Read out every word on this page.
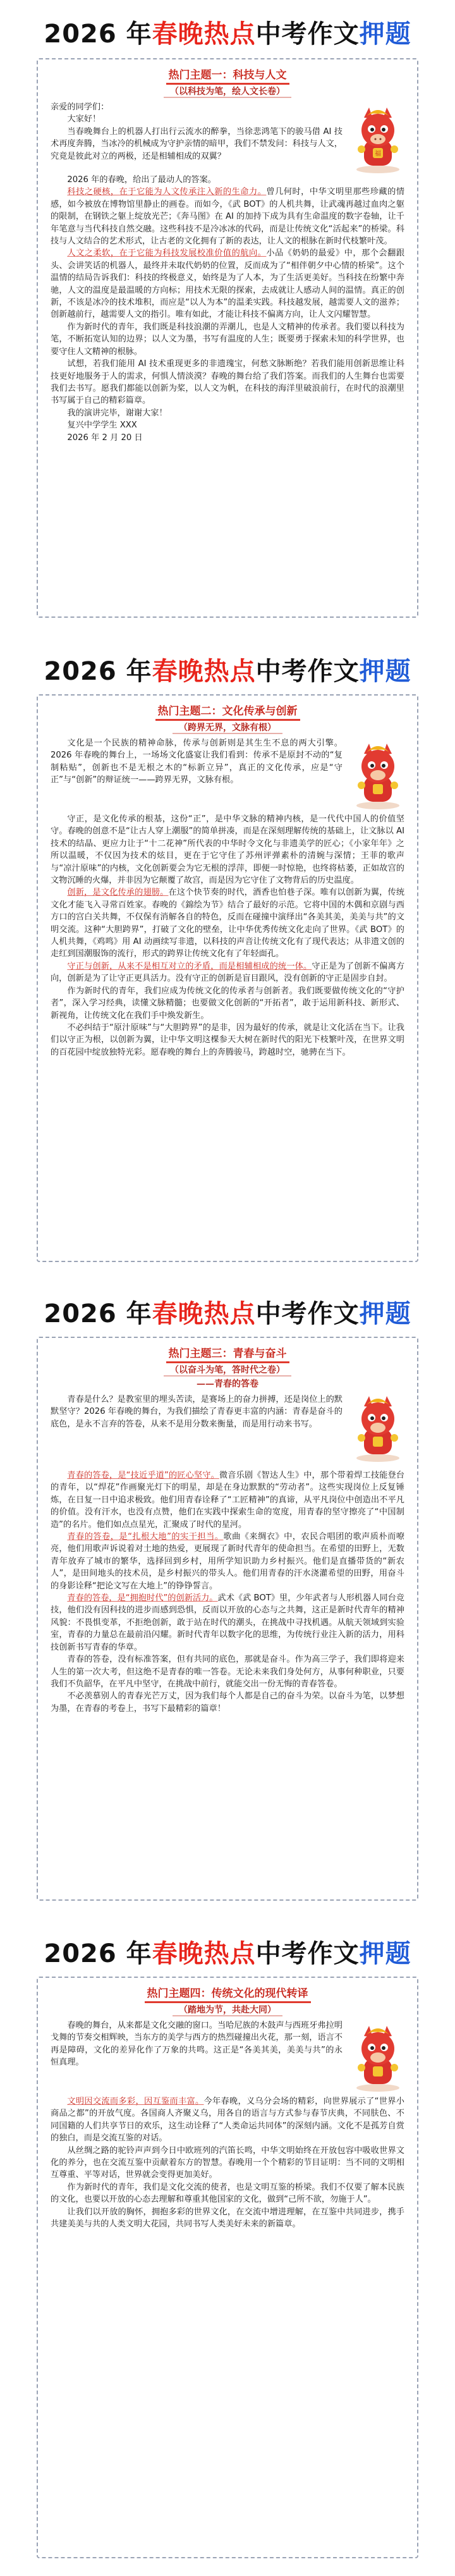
2026 年春晚热点中考作文押题
热门主题一：科技与人文
（以科技为笔，绘人文长卷）
福

亲爱的同学们：

大家好！

当春晚舞台上的机器人打出行云流水的醉拳，当徐悲鸿笔下的骏马借 AI 技术再度奔腾，当冰冷的机械成为守护亲情的暗甲，我们不禁发问：科技与人文，究竟是彼此对立的两极，还是相辅相成的双翼？

2026 年的春晚，给出了最动人的答案。

科技之硬核，在于它能为人文传承注入新的生命力。曾几何时，中华文明里那些珍藏的情感，如今被放在博物馆里静止的画卷。而如今，《武 BOT》的人机共舞，让武魂再越过血肉之躯的限制，在钢铁之躯上绽放光芒；《奔马图》在 AI 的加持下成为具有生命温度的数字卷轴，让千年笔意与当代科技自然交融。这些科技不是冷冰冰的代码，而是让传统文化“活起来”的桥梁。科技与人文结合的艺术形式，让古老的文化拥有了新的表达，让人文的根脉在新时代枝繁叶茂。

人文之柔软，在于它能为科技发展校准价值的航向。小品《奶奶的最爱》中，那个会翻跟头、会讲笑话的机器人，最终并未取代奶奶的位置，反而成为了“相伴朝夕中心情的桥梁”。这个温情的结局告诉我们：科技的终极意义，始终是为了人本，为了生活更美好。当科技在纷繁中奔驰，人文的温度是最温暖的方向标；用技术无限的探索，去成就让人感动人间的温情。真正的创新，不该是冰冷的技术堆积，而应是“以人为本”的温柔实践。科技越发展，越需要人文的滋养；创新越前行，越需要人文的指引。唯有如此，才能让科技不偏离方向，让人文闪耀智慧。

作为新时代的青年，我们既是科技浪潮的弄潮儿，也是人文精神的传承者。我们要以科技为笔，不断拓宽认知的边界；以人文为墨，书写有温度的人生；既要勇于探索未知的科学世界，也要守住人文精神的根脉。

试想，若我们能用 AI 技术重现更多的非遗瑰宝，何愁文脉断绝？若我们能用创新思维让科技更好地服务于人的需求，何惧人情淡漠？春晚的舞台给了我们答案。而我们的人生舞台也需要我们去书写。愿我们都能以创新为桨，以人文为帆，在科技的海洋里破浪前行，在时代的浪潮里书写属于自己的精彩篇章。

我的演讲完毕，谢谢大家！

复兴中学学生 XXX

2026 年 2 月 20 日

2026 年春晚热点中考作文押题
热门主题二：文化传承与创新
（跨界无界，文脉有根）

文化是一个民族的精神命脉，传承与创新则是其生生不息的两大引擎。2026 年春晚的舞台上，一场场文化盛宴让我们看到：传承不是原封不动的“复制粘贴”，创新也不是无根之木的“标新立异”，真正的文化传承，应是“守正”与“创新”的辩证统一——跨界无界，文脉有根。

守正，是文化传承的根基，这份“正”，是中华文脉的精神内核，是一代代中国人的价值坚守。春晚的创意不是“让古人穿上潮服”的简单拼凑，而是在深刻理解传统的基础上，让文脉以 AI 技术的结晶、更应力让于“十二花神”所代表的中华时令文化与非遗美学的匠心；《小家年年》之所以温暖，不仅因为技术的炫目，更在于它守住了苏州评弹素朴的清婉与深情；王菲的歌声与“凉汁原味”的内核，文化创新要会为它无根的浮萍，即便一时惊艳，也终将枯萎，正如故宫的文物沉睡的火爆，并非因为它颠覆了故宫，而是因为它守住了文物背后的历史温度。

创新，是文化传承的翅膀。在这个快节奏的时代，酒香也怕巷子深。唯有以创新为翼，传统文化才能飞入寻常百姓家。春晚的《錦绘为节》结合了最好的示范。它将中国的木偶和京剧与西方口的宫白关共舞，不仅保有消解各自的特色，反而在碰撞中演绎出“各美其美，美美与共”的文明交流。这种“大胆跨界”，打破了文化的壁垒，让中华优秀传统文化走向了世界。《武 BOT》的人机共舞，《鸡鸣》用 AI 动画续写非遗，以科技的声音让传统文化有了现代表达；从非遗文创的走红到国潮服饰的流行，形式的跨界让传统文化有了年轻面孔。

守正与创新，从来不是相互对立的矛盾，而是相辅相成的统一体。守正是为了创新不偏离方向，创新是为了让守正更具活力。没有守正的创新是盲目跟风，没有创新的守正是固步自封。

作为新时代的青年，我们应成为传统文化的传承者与创新者。我们既要做传统文化的“守护者”，深入学习经典，读懂文脉精髓；也要做文化创新的“开拓者”，敢于运用新科技、新形式、新视角，让传统文化在我们手中焕发新生。

不必纠结于“原汁原味”与“大胆跨界”的是非，因为最好的传承，就是让文化活在当下。让我们以守正为根，以创新为翼，让中华文明这棵参天大树在新时代的阳光下枝繁叶茂，在世界文明的百花园中绽放独特光彩。愿春晚的舞台上的奔腾骏马，跨越时空，驰骋在当下。

2026 年春晚热点中考作文押题
热门主题三：青春与奋斗
（以奋斗为笔，答时代之卷）
——青春的答卷

青春是什么？是教室里的埋头苦读，是赛场上的奋力拼搏，还是岗位上的默默坚守？2026 年春晚的舞台，为我们描绘了青春更丰富的内涵：青春是奋斗的底色，是永不言弃的答卷，从来不是用分数来衡量，而是用行动来书写。

青春的答卷，是“技近乎道”的匠心坚守。微音乐剧《智达人生》中，那个带着焊工技能登台的青年，以“焊花”作画聚光灯下的明星，却是在身边默默的“劳动者”。这些实现岗位上反复锤炼，在日复一日中追求极致。他们用青春诠释了“工匠精神”的真谛，从平凡岗位中创造出不平凡的价值。没有汗水，也没有点赞，他们在实践中探索生命的宽度，用青春的坚守擦亮了“中国制造”的名片。他们如点点星光，汇聚成了时代的星河。

青春的答卷，是“扎根大地”的实干担当。歌曲《来绸衣》中，农民合唱团的歌声质朴而嘹亮，他们用歌声诉说着对土地的热爱，更展现了新时代青年的使命担当。在希望的田野上，无数青年放弃了城市的繁华，选择回到乡村，用所学知识助力乡村振兴。他们是直播带货的“新农人”，是田间地头的技术员，是乡村振兴的带头人。他们用青春的汗水浇灌希望的田野，用奋斗的身影诠释“把论文写在大地上”的铮铮誓言。

青春的答卷，是“拥抱时代”的创新活力。武术《武 BOT》里，少年武者与人形机器人同台竞技，他们没有因科技的进步而感到恐惧，反而以开放的心态与之共舞，这正是新时代青年的精神风貌：不畏惧变革，不拒绝创新，敢于站在时代的潮头，在挑战中寻找机遇。从航天领域到实验室，青春的力量总在最前沿闪耀。新时代青年以数字化的思维，为传统行业注入新的活力，用科技创新书写青春的华章。

青春的答卷，没有标准答案，但有共同的底色，那就是奋斗。作为高三学子，我们即将迎来人生的第一次大考，但这绝不是青春的唯一答卷。无论未来我们身处何方，从事何种职业，只要我们不负韶华，在平凡中坚守，在挑战中前行，就能交出一份无悔的青春答卷。

不必羡慕别人的青春光芒万丈，因为我们每个人都是自己的奋斗为荣。以奋斗为笔，以梦想为墨，在青春的考卷上，书写下最精彩的篇章！

2026 年春晚热点中考作文押题
热门主题四：传统文化的现代转译
（踏地为节，共赴大同）

春晚的舞台，从来都是文化交融的窗口。当哈尼族的木鼓声与西班牙弗拉明戈舞的节奏交相辉映，当东方的美学与西方的热烈碰撞出火花，那一刻，语言不再是障碍，文化的差异化作了万象的共鸣。这正是“各美其美，美美与共”的永恒真理。

文明因交流而多彩，因互鉴而丰富。今年春晚，义乌分会场的精彩，向世界展示了“世界小商品之都”的开放气度。各国商人齐聚义乌，用各自的语言与方式参与春节庆典，不同肤色、不同国籍的人们共享节日的欢乐，这生动诠释了“人类命运共同体”的深刻内涵。文化不是孤芳自赏的独白，而是交流互鉴的对话。

从丝绸之路的驼铃声声到今日中欧班列的汽笛长鸣，中华文明始终在开放包容中吸收世界文化的养分，也在交流互鉴中贡献着东方的智慧。春晚用一个个精彩的节目证明：当不同的文明相互尊重、平等对话，世界就会变得更加美好。

作为新时代的青年，我们是文化交流的使者，也是文明互鉴的桥梁。我们不仅要了解本民族的文化，也要以开放的心态去理解和尊重其他国家的文化，做到“己所不欲，勿施于人”。

让我们以开放的胸怀，拥抱多彩的世界文化，在交流中增进理解，在互鉴中共同进步，携手共建美美与共的人类文明大花园，共同书写人类美好未来的新篇章。
